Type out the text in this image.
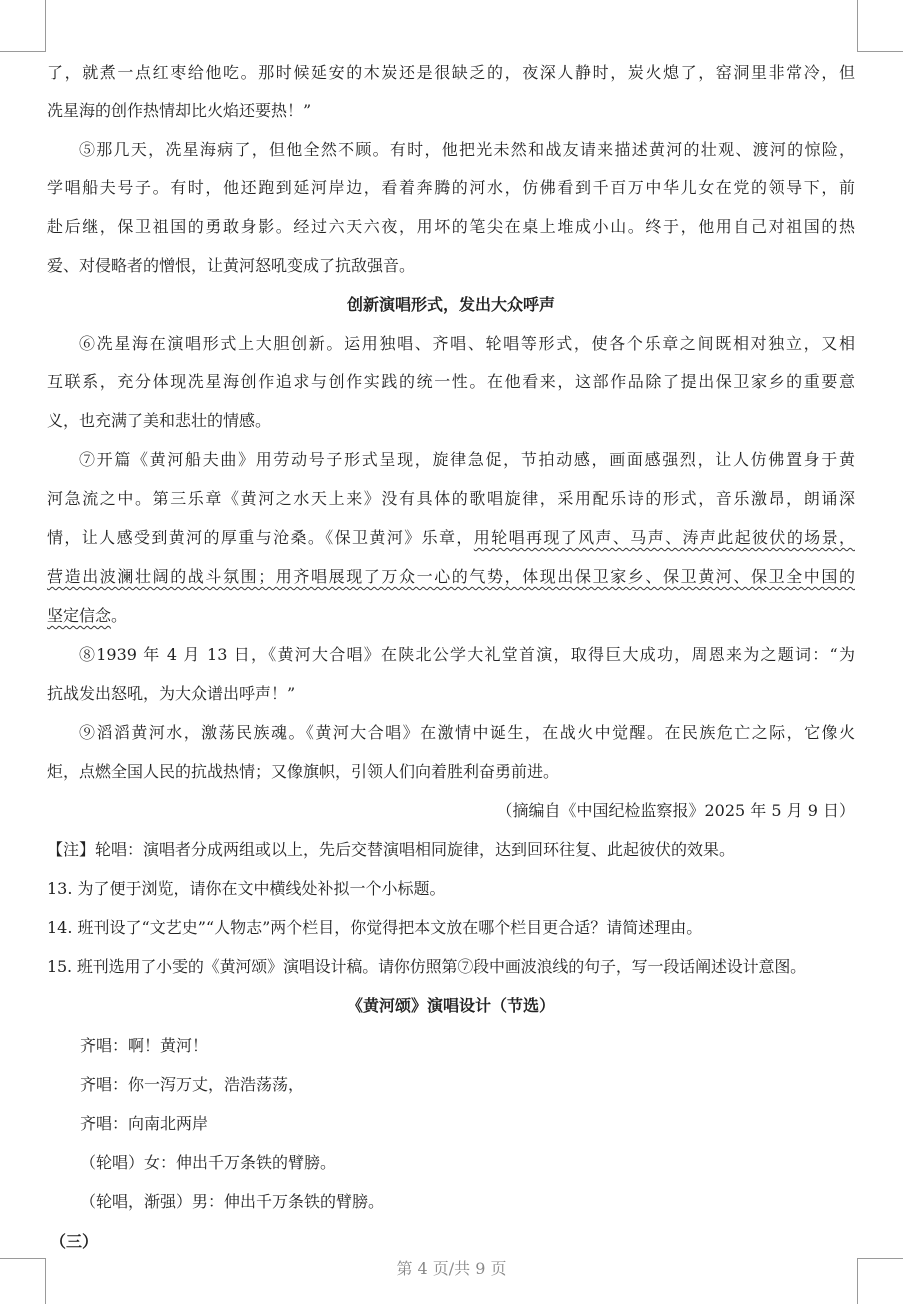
了，就煮一点红枣给他吃。那时候延安的木炭还是很缺乏的，夜深人静时，炭火熄了，窑洞里非常冷，但
冼星海的创作热情却比火焰还要热！”
⑤那几天，冼星海病了，但他全然不顾。有时，他把光未然和战友请来描述黄河的壮观、渡河的惊险，
学唱船夫号子。有时，他还跑到延河岸边，看着奔腾的河水，仿佛看到千百万中华儿女在党的领导下，前
赴后继，保卫祖国的勇敢身影。经过六天六夜，用坏的笔尖在桌上堆成小山。终于，他用自己对祖国的热
爱、对侵略者的憎恨，让黄河怒吼变成了抗敌强音。
创新演唱形式，发出大众呼声
⑥冼星海在演唱形式上大胆创新。运用独唱、齐唱、轮唱等形式，使各个乐章之间既相对独立，又相
互联系，充分体现冼星海创作追求与创作实践的统一性。在他看来，这部作品除了提出保卫家乡的重要意
义，也充满了美和悲壮的情感。
⑦开篇《黄河船夫曲》用劳动号子形式呈现，旋律急促，节拍动感，画面感强烈，让人仿佛置身于黄
河急流之中。第三乐章《黄河之水天上来》没有具体的歌唱旋律，采用配乐诗的形式，音乐激昂，朗诵深
情，让人感受到黄河的厚重与沧桑。《保卫黄河》乐章，用轮唱再现了风声、马声、涛声此起彼伏的场景，
营造出波澜壮阔的战斗氛围；用齐唱展现了万众一心的气势，体现出保卫家乡、保卫黄河、保卫全中国的
坚定信念。
⑧1939 年 4 月 13 日，《黄河大合唱》在陕北公学大礼堂首演，取得巨大成功，周恩来为之题词：“为
抗战发出怒吼，为大众谱出呼声！”
⑨滔滔黄河水，激荡民族魂。《黄河大合唱》在激情中诞生，在战火中觉醒。在民族危亡之际，它像火
炬，点燃全国人民的抗战热情；又像旗帜，引领人们向着胜利奋勇前进。
（摘编自《中国纪检监察报》2025 年 5 月 9 日）
【注】轮唱：演唱者分成两组或以上，先后交替演唱相同旋律，达到回环往复、此起彼伏的效果。
13. 为了便于浏览，请你在文中横线处补拟一个小标题。
14. 班刊设了“文艺史”“人物志”两个栏目，你觉得把本文放在哪个栏目更合适？请简述理由。
15. 班刊选用了小雯的《黄河颂》演唱设计稿。请你仿照第⑦段中画波浪线的句子，写一段话阐述设计意图。
《黄河颂》演唱设计（节选）
齐唱：啊！黄河！
齐唱：你一泻万丈，浩浩荡荡，
齐唱：向南北两岸
（轮唱）女：伸出千万条铁的臂膀。
（轮唱，渐强）男：伸出千万条铁的臂膀。
（三）
第 4 页/共 9 页
